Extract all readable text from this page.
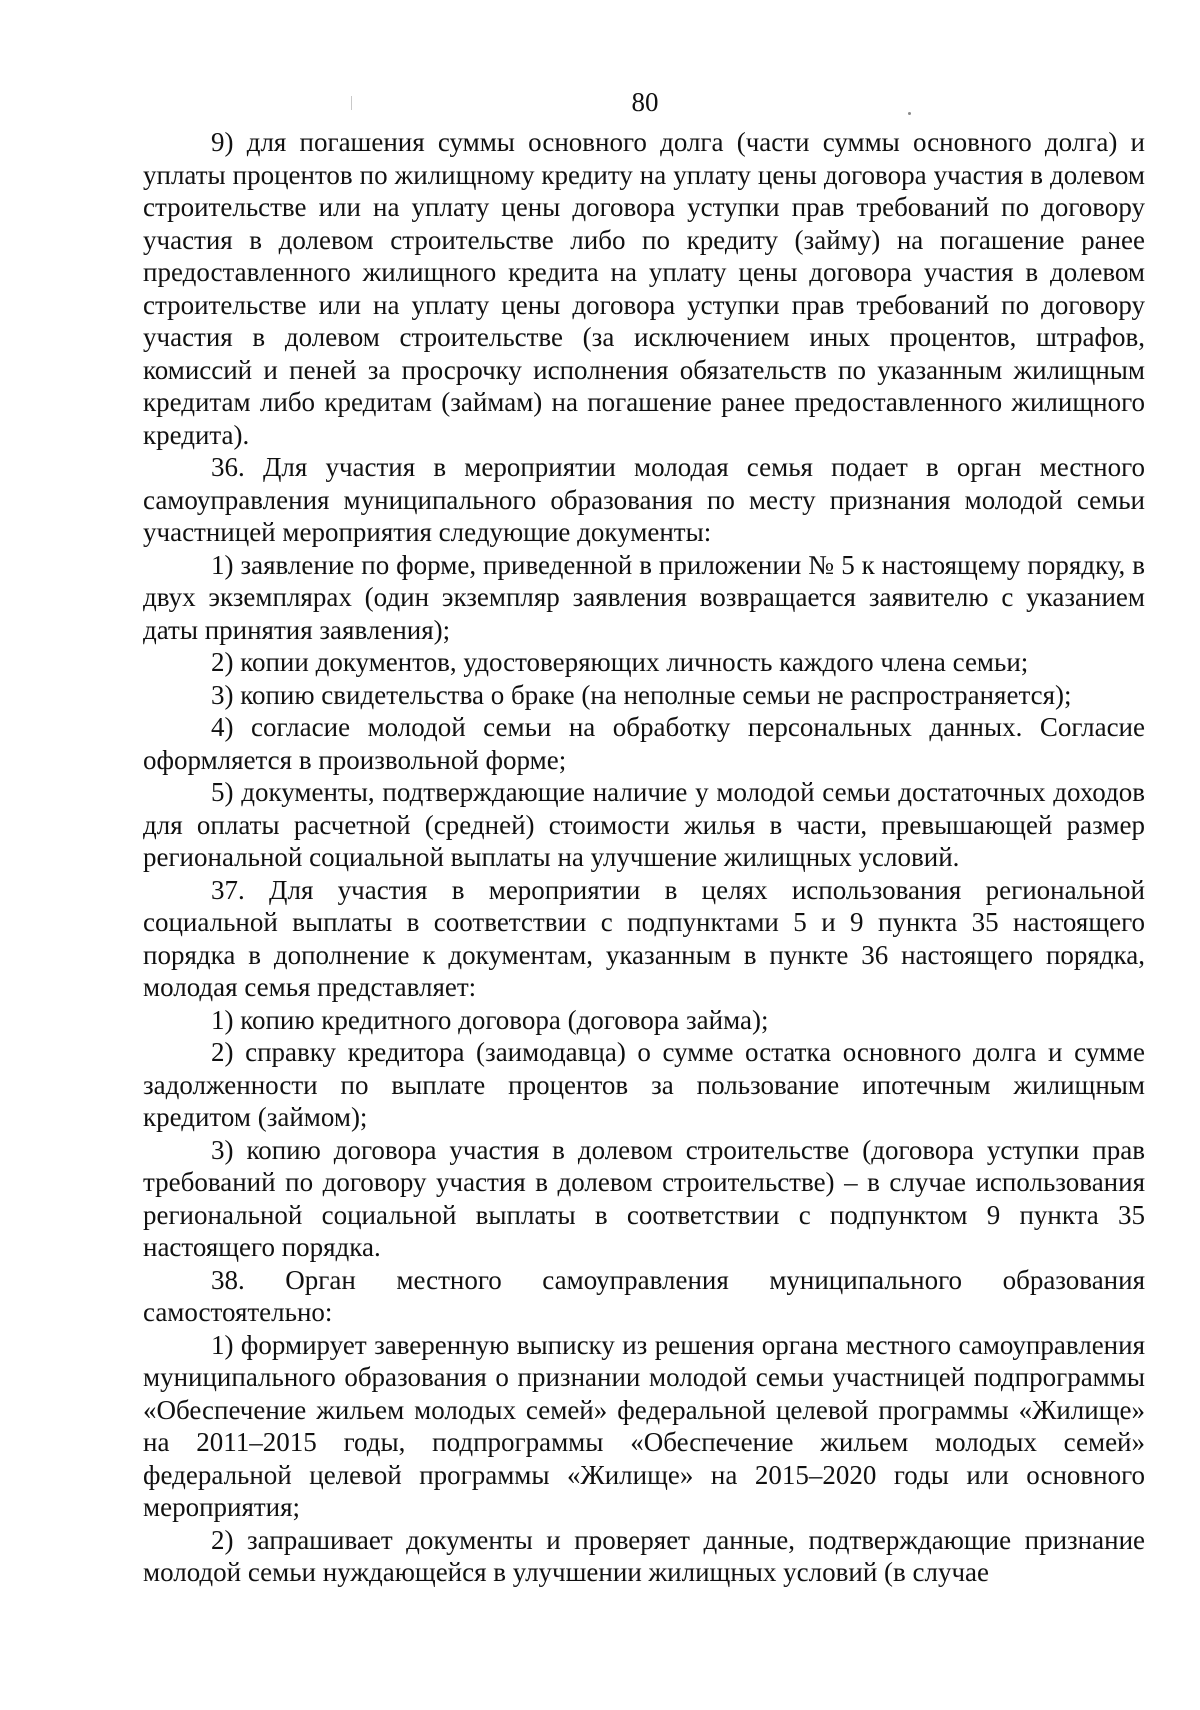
80

9) для погашения суммы основного долга (части суммы основного долга) и уплаты процентов по жилищному кредиту на уплату цены договора участия в долевом строительстве или на уплату цены договора уступки прав требований по договору участия в долевом строительстве либо по кредиту (займу) на погашение ранее предоставленного жилищного кредита на уплату цены договора участия в долевом строительстве или на уплату цены договора уступки прав требований по договору участия в долевом строительстве (за исключением иных процентов, штрафов, комиссий и пеней за просрочку исполнения обязательств по указанным жилищным кредитам либо кредитам (займам) на погашение ранее предоставленного жилищного кредита).

36. Для участия в мероприятии молодая семья подает в орган местного самоуправления муниципального образования по месту признания молодой семьи участницей мероприятия следующие документы:

1) заявление по форме, приведенной в приложении № 5 к настоящему порядку, в двух экземплярах (один экземпляр заявления возвращается заявителю с указанием даты принятия заявления);

2) копии документов, удостоверяющих личность каждого члена семьи;

3) копию свидетельства о браке (на неполные семьи не распространяется);

4) согласие молодой семьи на обработку персональных данных. Согласие оформляется в произвольной форме;

5) документы, подтверждающие наличие у молодой семьи достаточных доходов для оплаты расчетной (средней) стоимости жилья в части, превышающей размер региональной социальной выплаты на улучшение жилищных условий.

37. Для участия в мероприятии в целях использования региональной социальной выплаты в соответствии с подпунктами 5 и 9 пункта 35 настоящего порядка в дополнение к документам, указанным в пункте 36 настоящего порядка, молодая семья представляет:

1) копию кредитного договора (договора займа);

2) справку кредитора (заимодавца) о сумме остатка основного долга и сумме задолженности по выплате процентов за пользование ипотечным жилищным кредитом (займом);

3) копию договора участия в долевом строительстве (договора уступки прав требований по договору участия в долевом строительстве) – в случае использования региональной социальной выплаты в соответствии с подпунктом 9 пункта 35 настоящего порядка.

38. Орган местного самоуправления муниципального образования самостоятельно:

1) формирует заверенную выписку из решения органа местного самоуправления муниципального образования о признании молодой семьи участницей подпрограммы «Обеспечение жильем молодых семей» федеральной целевой программы «Жилище» на 2011–2015 годы, подпрограммы «Обеспечение жильем молодых семей» федеральной целевой программы «Жилище» на 2015–2020 годы или основного мероприятия;

2) запрашивает документы и проверяет данные, подтверждающие признание молодой семьи нуждающейся в улучшении жилищных условий (в случае
